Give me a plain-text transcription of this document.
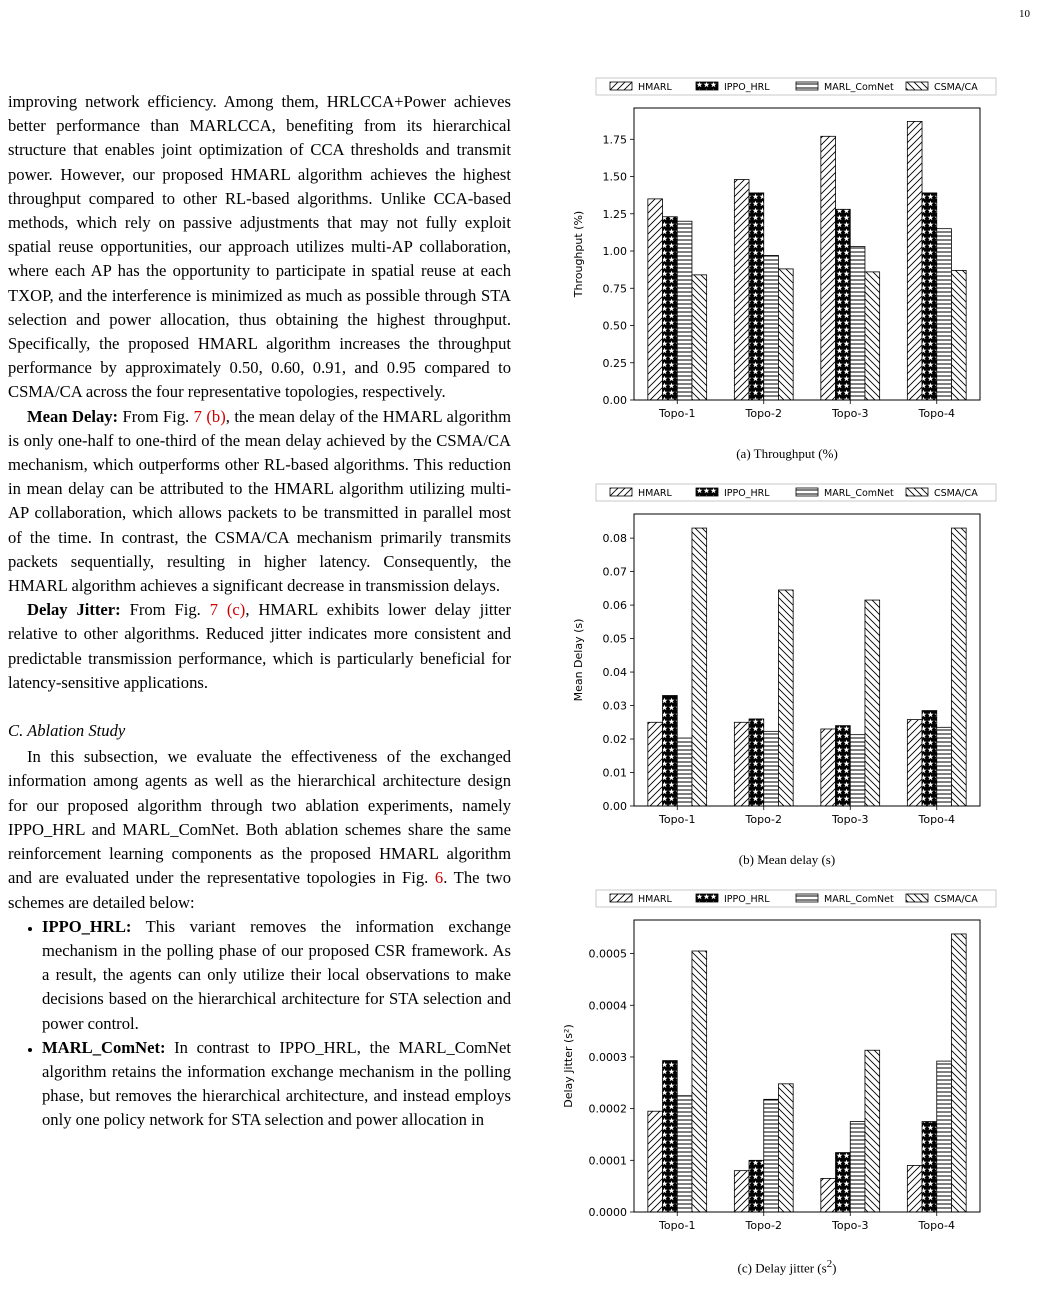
10

improving network efficiency. Among them, HRLCCA+Power achieves better performance than MARLCCA, benefiting from its hierarchical structure that enables joint optimization of CCA thresholds and transmit power. However, our proposed HMARL algorithm achieves the highest throughput compared to other RL-based algorithms. Unlike CCA-based methods, which rely on passive adjustments that may not fully exploit spatial reuse opportunities, our approach utilizes multi-AP collaboration, where each AP has the opportunity to participate in spatial reuse at each TXOP, and the interference is minimized as much as possible through STA selection and power allocation, thus obtaining the highest throughput. Specifically, the proposed HMARL algorithm increases the throughput performance by approximately 0.50, 0.60, 0.91, and 0.95 compared to CSMA/CA across the four representative topologies, respectively.

Mean Delay: From Fig. 7 (b), the mean delay of the HMARL algorithm is only one-half to one-third of the mean delay achieved by the CSMA/CA mechanism, which outperforms other RL-based algorithms. This reduction in mean delay can be attributed to the HMARL algorithm utilizing multi-AP collaboration, which allows packets to be transmitted in parallel most of the time. In contrast, the CSMA/CA mechanism primarily transmits packets sequentially, resulting in higher latency. Consequently, the HMARL algorithm achieves a significant decrease in transmission delays.

Delay Jitter: From Fig. 7 (c), HMARL exhibits lower delay jitter relative to other algorithms. Reduced jitter indicates more consistent and predictable transmission performance, which is particularly beneficial for latency-sensitive applications.

C. Ablation Study

In this subsection, we evaluate the effectiveness of the exchanged information among agents as well as the hierarchical architecture design for our proposed algorithm through two ablation experiments, namely IPPO_HRL and MARL_ComNet. Both ablation schemes share the same reinforcement learning components as the proposed HMARL algorithm and are evaluated under the representative topologies in Fig. 6. The two schemes are detailed below:

• IPPO_HRL: This variant removes the information exchange mechanism in the polling phase of our proposed CSR framework. As a result, the agents can only utilize their local observations to make decisions based on the hierarchical architecture for STA selection and power control.
• MARL_ComNet: In contrast to IPPO_HRL, the MARL_ComNet algorithm retains the information exchange mechanism in the polling phase, but removes the hierarchical architecture, and instead employs only one policy network for STA selection and power allocation in
HMARL	IPPO_HRL	MARL_ComNet	CSMA/CA
0.00
0.25
0.50
0.75
1.00
1.25
1.50
1.75
Throughput (%)
Topo-1	Topo-2	Topo-3	Topo-4
(a) Throughput (%)
HMARL	IPPO_HRL	MARL_ComNet	CSMA/CA
0.00
0.01
0.02
0.03
0.04
0.05
0.06
0.07
0.08
Mean Delay (s)
Topo-1	Topo-2	Topo-3	Topo-4
(b) Mean delay (s)
HMARL	IPPO_HRL	MARL_ComNet	CSMA/CA
0.0000
0.0001
0.0002
0.0003
0.0004
0.0005
Delay Jitter (s²)
Topo-1	Topo-2	Topo-3	Topo-4
(c) Delay jitter $(s^2)$
